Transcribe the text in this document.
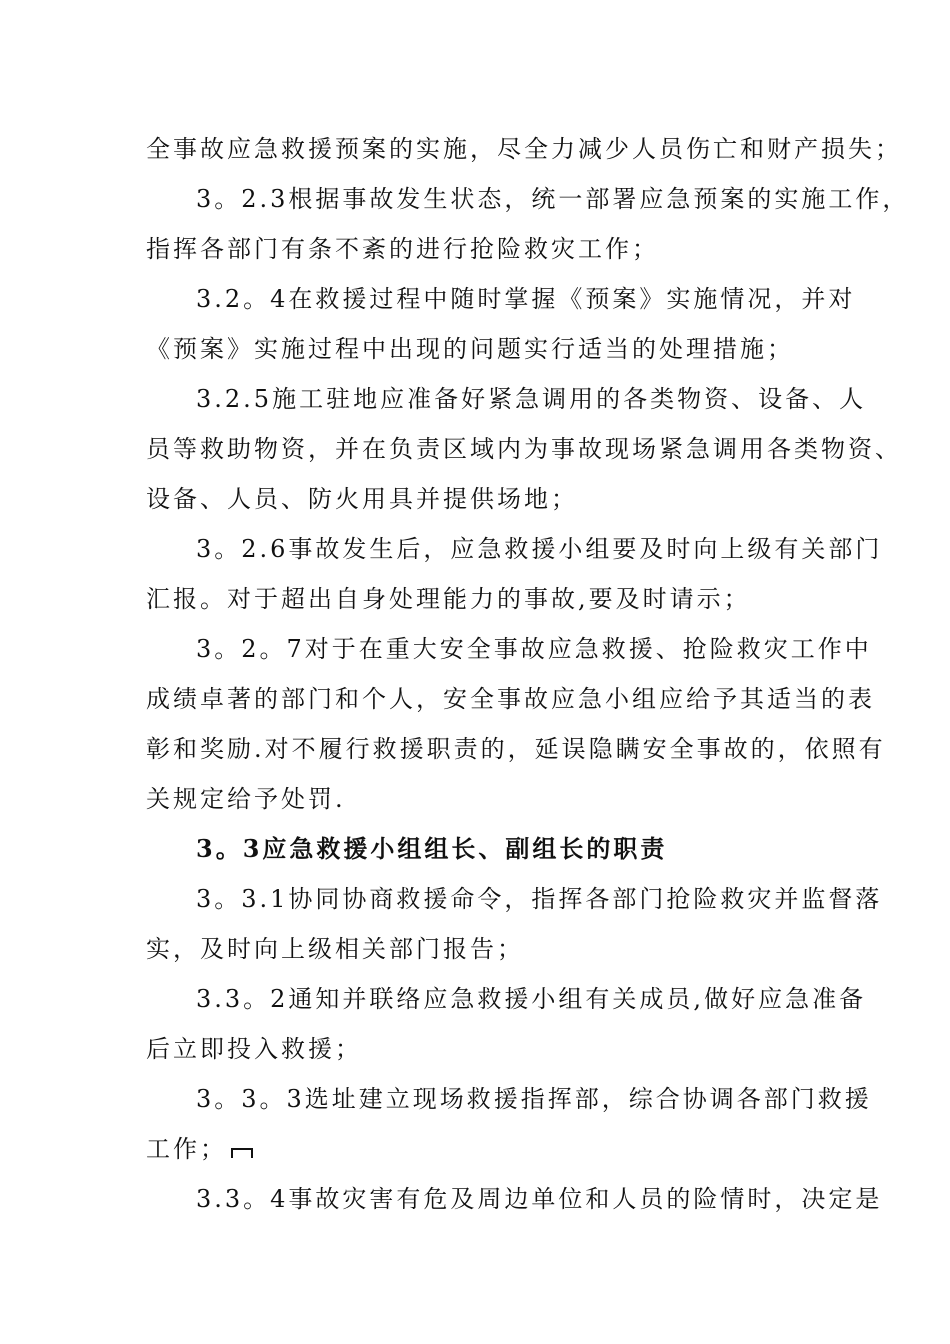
全事故应急救援预案的实施，尽全力减少人员伤亡和财产损失；
3。2.3根据事故发生状态，统一部署应急预案的实施工作，
指挥各部门有条不紊的进行抢险救灾工作；
3.2。4在救援过程中随时掌握《预案》实施情况，并对
《预案》实施过程中出现的问题实行适当的处理措施；
3.2.5施工驻地应准备好紧急调用的各类物资、设备、人
员等救助物资，并在负责区域内为事故现场紧急调用各类物资、
设备、人员、防火用具并提供场地；
3。2.6事故发生后，应急救援小组要及时向上级有关部门
汇报。对于超出自身处理能力的事故,要及时请示；
3。2。7对于在重大安全事故应急救援、抢险救灾工作中
成绩卓著的部门和个人，安全事故应急小组应给予其适当的表
彰和奖励.对不履行救援职责的，延误隐瞒安全事故的，依照有
关规定给予处罚.
3。3应急救援小组组长、副组长的职责
3。3.1协同协商救援命令，指挥各部门抢险救灾并监督落
实，及时向上级相关部门报告；
3.3。2通知并联络应急救援小组有关成员,做好应急准备
后立即投入救援；
3。3。3选址建立现场救援指挥部，综合协调各部门救援
工作；
3.3。4事故灾害有危及周边单位和人员的险情时，决定是
